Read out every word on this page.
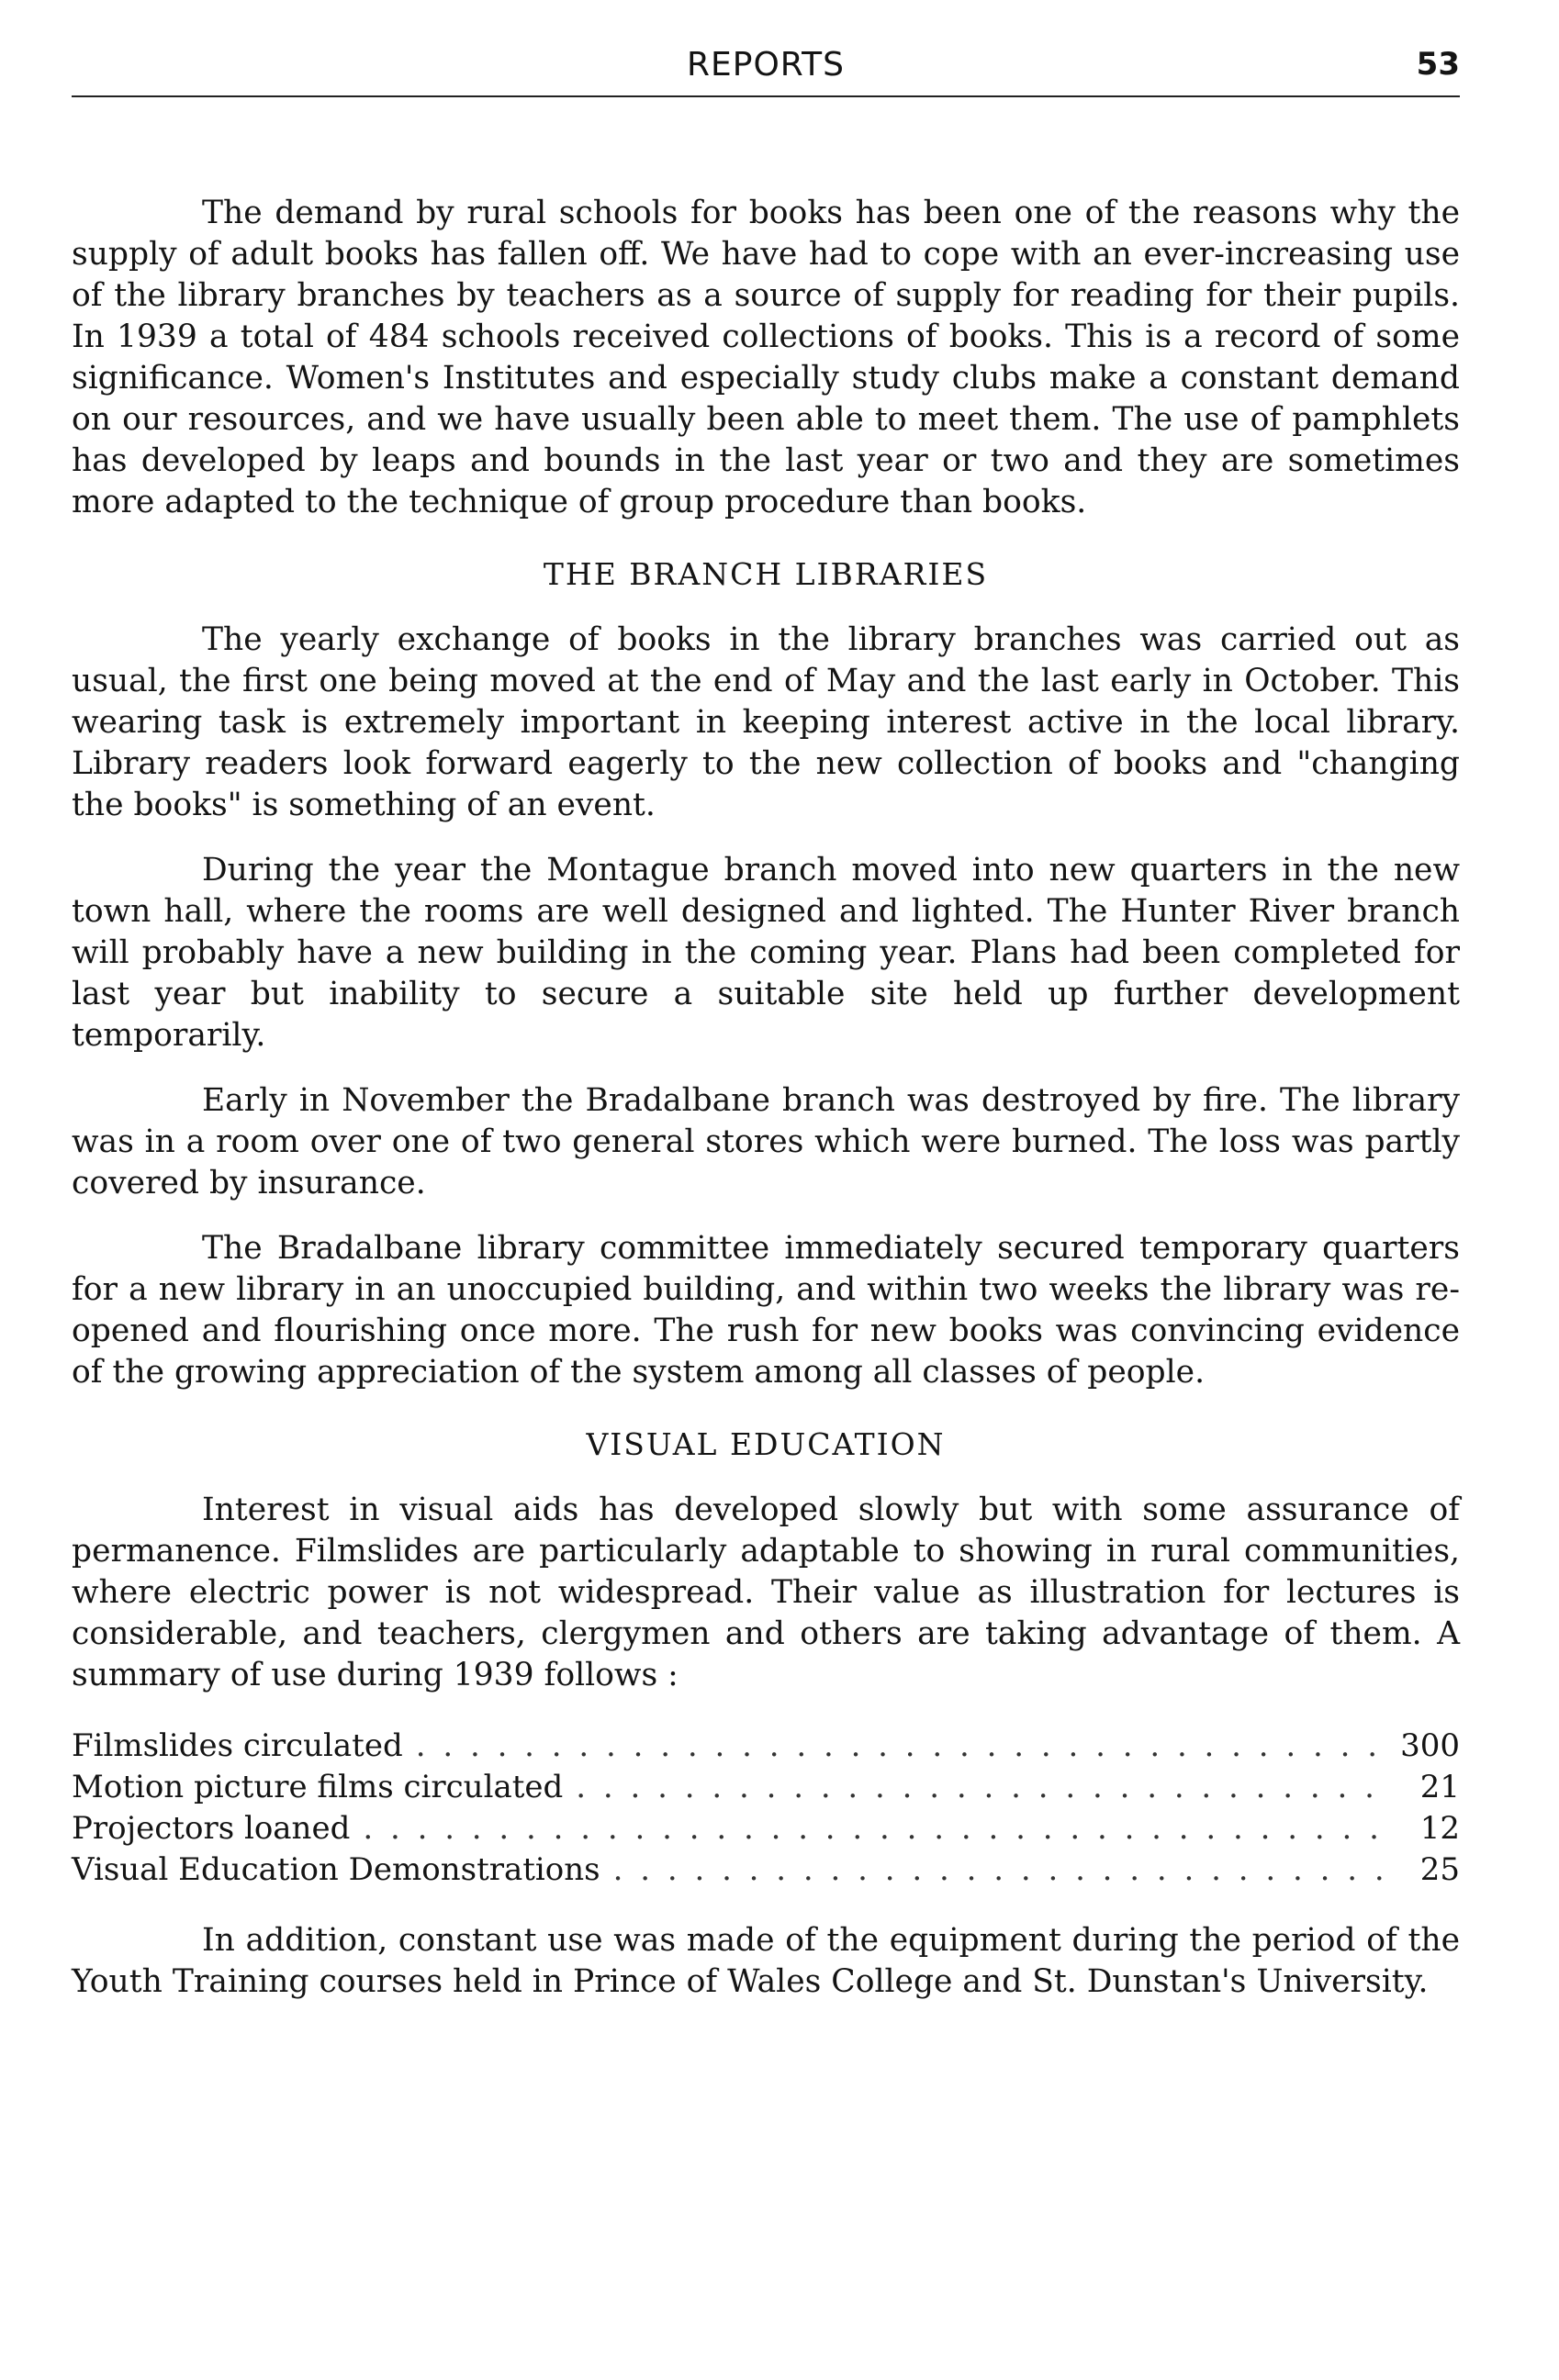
REPORTS	53

The demand by rural schools for books has been one of the reasons why the supply of adult books has fallen off. We have had to cope with an ever-increasing use of the library branches by teachers as a source of supply for reading for their pupils. In 1939 a total of 484 schools received collections of books. This is a record of some significance. Women's Institutes and especially study clubs make a constant demand on our resources, and we have usually been able to meet them. The use of pamphlets has developed by leaps and bounds in the last year or two and they are sometimes more adapted to the technique of group procedure than books.

THE BRANCH LIBRARIES

The yearly exchange of books in the library branches was carried out as usual, the first one being moved at the end of May and the last early in October. This wearing task is extremely important in keeping interest active in the local library. Library readers look forward eagerly to the new collection of books and "changing the books" is something of an event.

During the year the Montague branch moved into new quarters in the new town hall, where the rooms are well designed and lighted. The Hunter River branch will probably have a new building in the coming year. Plans had been completed for last year but inability to secure a suitable site held up further development temporarily.

Early in November the Bradalbane branch was destroyed by fire. The library was in a room over one of two general stores which were burned. The loss was partly covered by insurance.

The Bradalbane library committee immediately secured temporary quarters for a new library in an unoccupied building, and within two weeks the library was re-opened and flourishing once more. The rush for new books was convincing evidence of the growing appreciation of the system among all classes of people.

VISUAL EDUCATION

Interest in visual aids has developed slowly but with some assurance of permanence. Filmslides are particularly adaptable to showing in rural communities, where electric power is not widespread. Their value as illustration for lectures is considerable, and teachers, clergymen and others are taking advantage of them. A summary of use during 1939 follows :

Filmslides circulated . . .	300
Motion picture films circulated . . .	21
Projectors loaned . . .	12
Visual Education Demonstrations . . .	25

In addition, constant use was made of the equipment during the period of the Youth Training courses held in Prince of Wales College and St. Dunstan's University.
